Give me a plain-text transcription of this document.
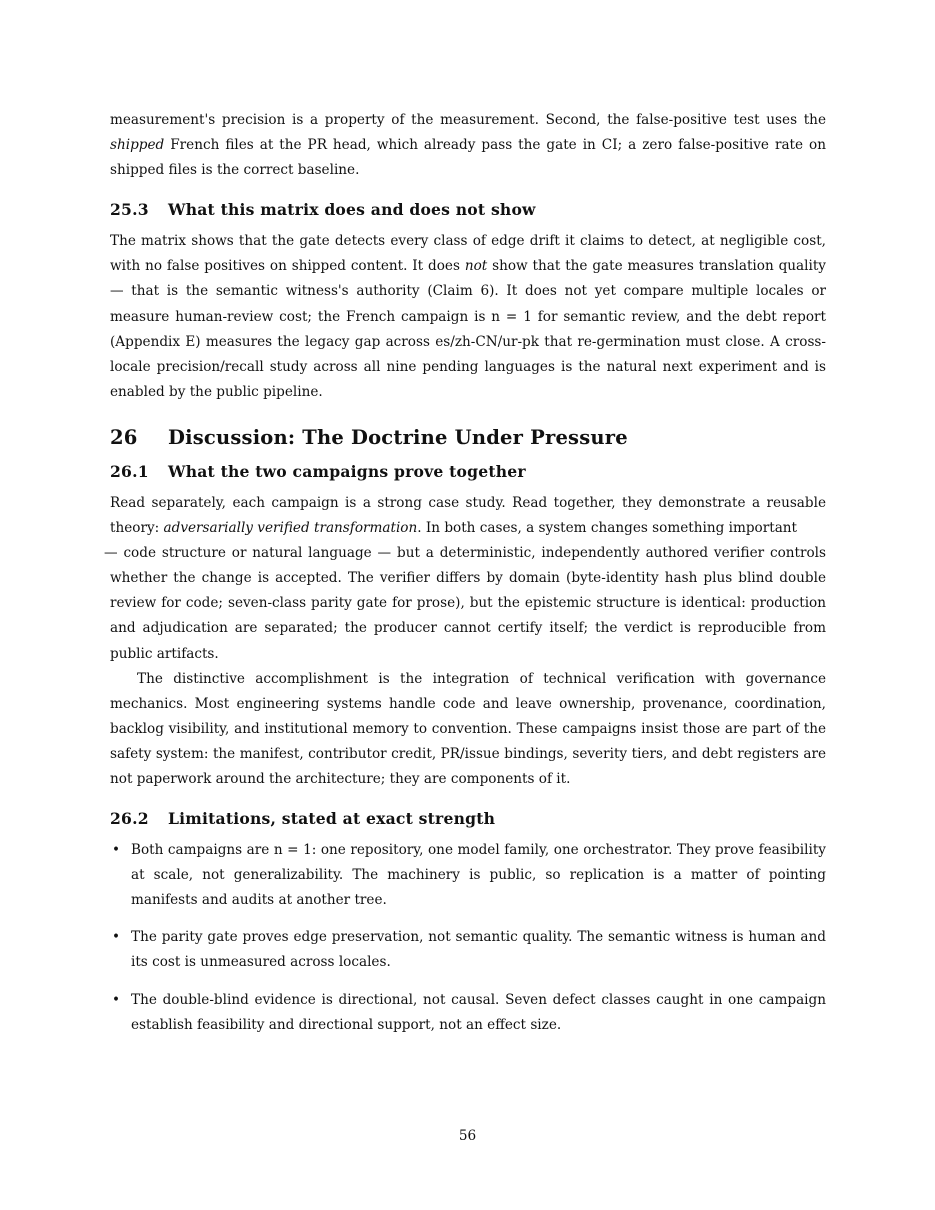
measurement's precision is a property of the measurement. Second, the false-positive test uses the shipped French files at the PR head, which already pass the gate in CI; a zero false-positive rate on shipped files is the correct baseline.

25.3 What this matrix does and does not show

The matrix shows that the gate detects every class of edge drift it claims to detect, at negligible cost, with no false positives on shipped content. It does not show that the gate measures translation quality — that is the semantic witness's authority (Claim 6). It does not yet compare multiple locales or measure human-review cost; the French campaign is n = 1 for semantic review, and the debt report (Appendix E) measures the legacy gap across es/zh-CN/ur-pk that re-germination must close. A cross-locale precision/recall study across all nine pending languages is the natural next experiment and is enabled by the public pipeline.

26 Discussion: The Doctrine Under Pressure
26.1 What the two campaigns prove together

Read separately, each campaign is a strong case study. Read together, they demonstrate a reusable theory: adversarially verified transformation. In both cases, a system changes something important
— code structure or natural language — but a deterministic, independently authored verifier controls whether the change is accepted. The verifier differs by domain (byte-identity hash plus blind double review for code; seven-class parity gate for prose), but the epistemic structure is identical: production and adjudication are separated; the producer cannot certify itself; the verdict is reproducible from public artifacts.

The distinctive accomplishment is the integration of technical verification with governance mechanics. Most engineering systems handle code and leave ownership, provenance, coordination, backlog visibility, and institutional memory to convention. These campaigns insist those are part of the safety system: the manifest, contributor credit, PR/issue bindings, severity tiers, and debt registers are not paperwork around the architecture; they are components of it.

26.2 Limitations, stated at exact strength
• Both campaigns are n = 1: one repository, one model family, one orchestrator. They prove feasibility at scale, not generalizability. The machinery is public, so replication is a matter of pointing manifests and audits at another tree.
• The parity gate proves edge preservation, not semantic quality. The semantic witness is human and its cost is unmeasured across locales.
• The double-blind evidence is directional, not causal. Seven defect classes caught in one campaign establish feasibility and directional support, not an effect size.
56
